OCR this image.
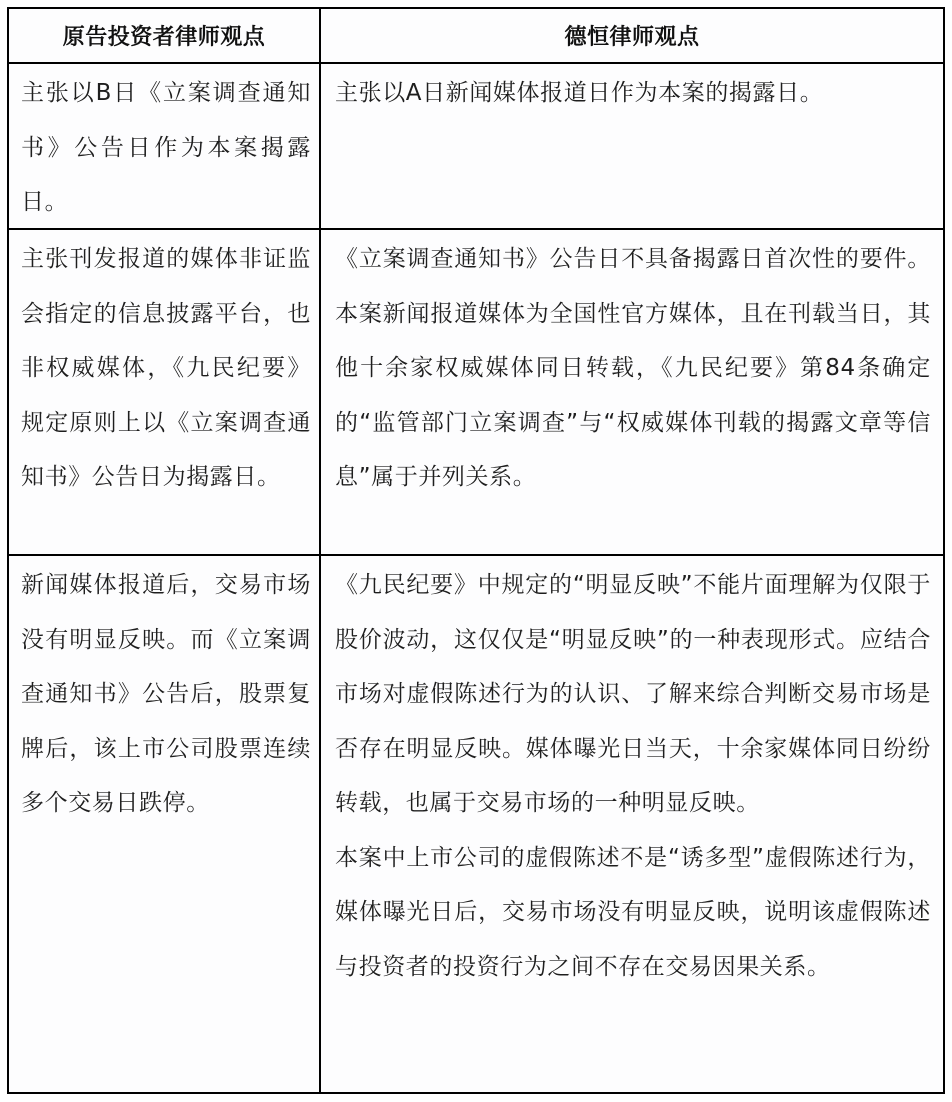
原告投资者律师观点	德恒律师观点
主张以B日《立案调查通知书》公告日作为本案揭露日。
主张以A日新闻媒体报道日作为本案的揭露日。
主张刊发报道的媒体非证监会指定的信息披露平台，也非权威媒体，《九民纪要》规定原则上以《立案调查通知书》公告日为揭露日。
《立案调查通知书》公告日不具备揭露日首次性的要件。本案新闻报道媒体为全国性官方媒体，且在刊载当日，其他十余家权威媒体同日转载，《九民纪要》第84条确定的“监管部门立案调查”与“权威媒体刊载的揭露文章等信息”属于并列关系。
新闻媒体报道后，交易市场没有明显反映。而《立案调查通知书》公告后，股票复牌后，该上市公司股票连续多个交易日跌停。
《九民纪要》中规定的“明显反映”不能片面理解为仅限于股价波动，这仅仅是“明显反映”的一种表现形式。应结合市场对虚假陈述行为的认识、了解来综合判断交易市场是否存在明显反映。媒体曝光日当天，十余家媒体同日纷纷转载，也属于交易市场的一种明显反映。
本案中上市公司的虚假陈述不是“诱多型”虚假陈述行为，媒体曝光日后，交易市场没有明显反映，说明该虚假陈述与投资者的投资行为之间不存在交易因果关系。
